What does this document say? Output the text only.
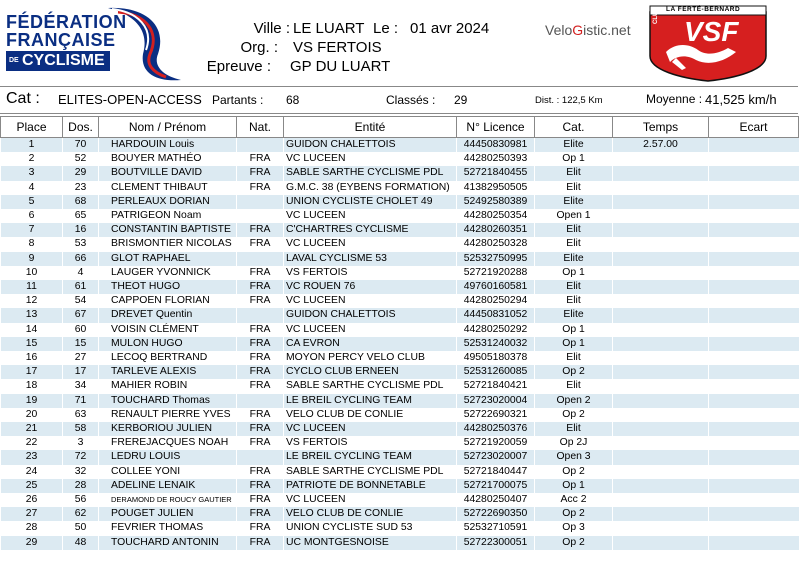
FÉDÉRATION
FRANÇAISE
DE CYCLISME
Ville : LE LUART Le : 01 avr 2024
Org. : VS FERTOIS
Epreuve : GP DU LUART
VeloGistic.net
LA FERTÉ-BERNARD
CLUB
VSF
Cat : ELITES-OPEN-ACCESS Partants : 68	Classés : 29	Dist. : 122,5 Km	Moyenne : 41,525 km/h
Place	Dos.	Nom / Prénom	Nat.	Entité	N° Licence	Cat.	Temps	Ecart
1	70	HARDOUIN Louis		GUIDON CHALETTOIS	44450830981	Elite	2.57.00	
2	52	BOUYER MATHÉO	FRA	VC LUCEEN	44280250393	Op 1		
3	29	BOUTVILLE DAVID	FRA	SABLE SARTHE CYCLISME PDL	52721840455	Elit		
4	23	CLEMENT THIBAUT	FRA	G.M.C. 38 (EYBENS FORMATION)	41382950505	Elit		
5	68	PERLEAUX DORIAN		UNION CYCLISTE CHOLET 49	52492580389	Elite		
6	65	PATRIGEON Noam		VC LUCEEN	44280250354	Open 1		
7	16	CONSTANTIN BAPTISTE	FRA	C'CHARTRES CYCLISME	44280260351	Elit		
8	53	BRISMONTIER NICOLAS	FRA	VC LUCEEN	44280250328	Elit		
9	66	GLOT RAPHAEL		LAVAL CYCLISME 53	52532750995	Elite		
10	4	LAUGER YVONNICK	FRA	VS FERTOIS	52721920288	Op 1		
11	61	THEOT HUGO	FRA	VC ROUEN 76	49760160581	Elit		
12	54	CAPPOEN FLORIAN	FRA	VC LUCEEN	44280250294	Elit		
13	67	DREVET Quentin		GUIDON CHALETTOIS	44450831052	Elite		
14	60	VOISIN CLÉMENT	FRA	VC LUCEEN	44280250292	Op 1		
15	15	MULON HUGO	FRA	CA EVRON	52531240032	Op 1		
16	27	LECOQ BERTRAND	FRA	MOYON PERCY VELO CLUB	49505180378	Elit		
17	17	TARLEVE ALEXIS	FRA	CYCLO CLUB ERNEEN	52531260085	Op 2		
18	34	MAHIER ROBIN	FRA	SABLE SARTHE CYCLISME PDL	52721840421	Elit		
19	71	TOUCHARD Thomas		LE BREIL CYCLING TEAM	52723020004	Open 2		
20	63	RENAULT PIERRE YVES	FRA	VELO CLUB DE CONLIE	52722690321	Op 2		
21	58	KERBORIOU JULIEN	FRA	VC LUCEEN	44280250376	Elit		
22	3	FREREJACQUES NOAH	FRA	VS FERTOIS	52721920059	Op 2J		
23	72	LEDRU LOUIS		LE BREIL CYCLING TEAM	52723020007	Open 3		
24	32	COLLEE YONI	FRA	SABLE SARTHE CYCLISME PDL	52721840447	Op 2		
25	28	ADELINE LENAIK	FRA	PATRIOTE DE BONNETABLE	52721700075	Op 1		
26	56	DERAMOND DE ROUCY GAUTIER	FRA	VC LUCEEN	44280250407	Acc 2		
27	62	POUGET JULIEN	FRA	VELO CLUB DE CONLIE	52722690350	Op 2		
28	50	FEVRIER THOMAS	FRA	UNION CYCLISTE SUD 53	52532710591	Op 3		
29	48	TOUCHARD ANTONIN	FRA	UC MONTGESNOISE	52722300051	Op 2		
